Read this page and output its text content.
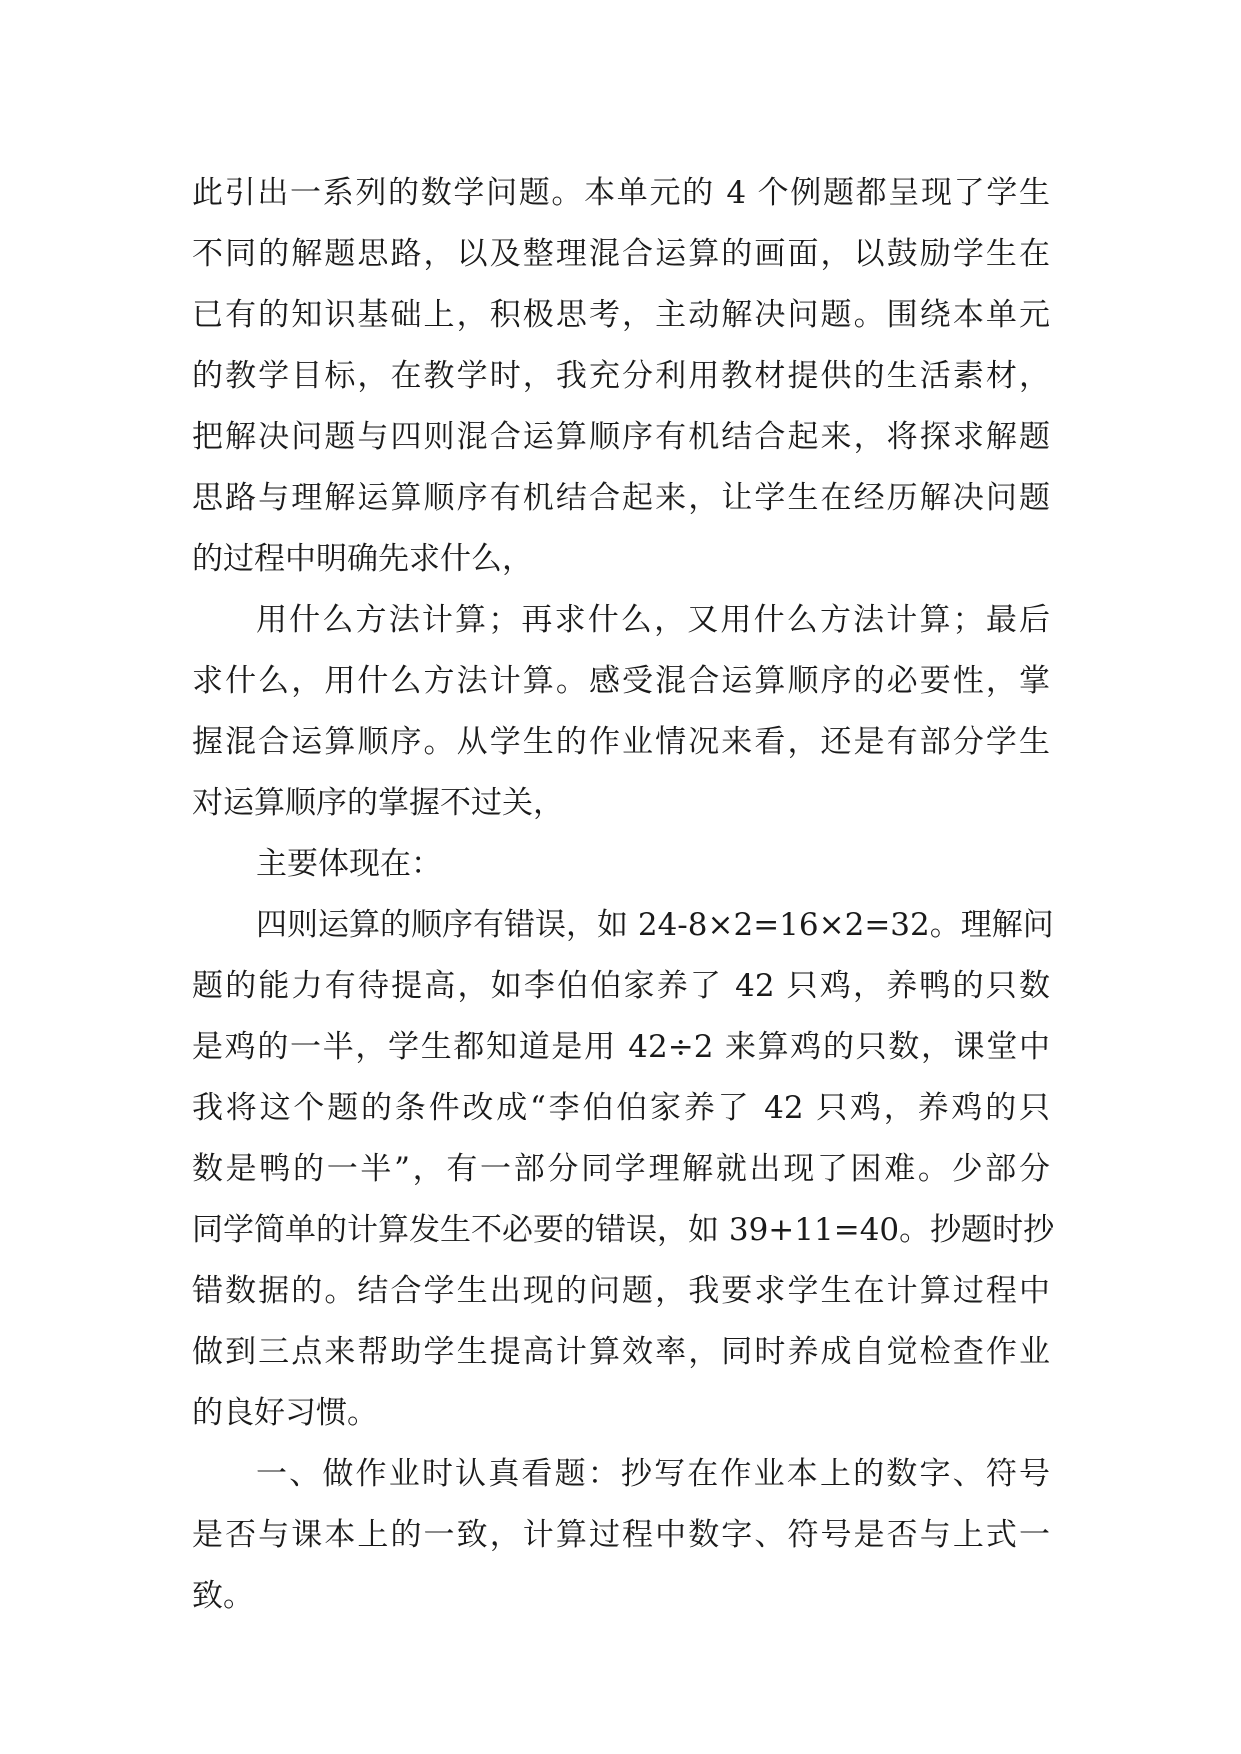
此引出一系列的数学问题。本单元的 4 个例题都呈现了学生
不同的解题思路，以及整理混合运算的画面，以鼓励学生在
已有的知识基础上，积极思考，主动解决问题。围绕本单元
的教学目标，在教学时，我充分利用教材提供的生活素材，
把解决问题与四则混合运算顺序有机结合起来，将探求解题
思路与理解运算顺序有机结合起来，让学生在经历解决问题
的过程中明确先求什么，
用什么方法计算；再求什么，又用什么方法计算；最后
求什么，用什么方法计算。感受混合运算顺序的必要性，掌
握混合运算顺序。从学生的作业情况来看，还是有部分学生
对运算顺序的掌握不过关，
主要体现在：
四则运算的顺序有错误，如 24-8×2=16×2=32。理解问
题的能力有待提高，如李伯伯家养了 42 只鸡，养鸭的只数
是鸡的一半，学生都知道是用 42÷2 来算鸡的只数，课堂中
我将这个题的条件改成“李伯伯家养了 42 只鸡，养鸡的只
数是鸭的一半”，有一部分同学理解就出现了困难。少部分
同学简单的计算发生不必要的错误，如 39+11=40。抄题时抄
错数据的。结合学生出现的问题，我要求学生在计算过程中
做到三点来帮助学生提高计算效率，同时养成自觉检查作业
的良好习惯。
一、做作业时认真看题：抄写在作业本上的数字、符号
是否与课本上的一致，计算过程中数字、符号是否与上式一
致。
